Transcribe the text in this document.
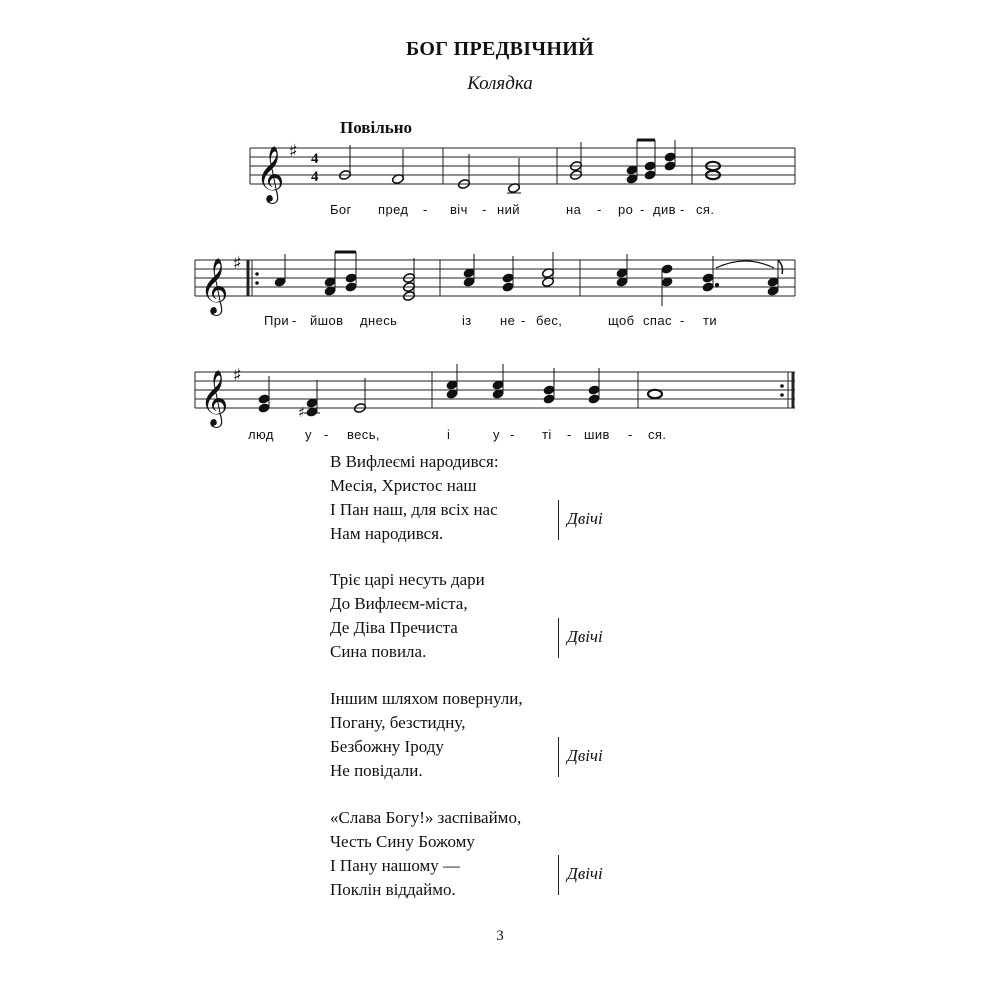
БОГ ПРЕДВІЧНИЙ
Колядка
Повільно
𝄞 ♯ 4
4
𝄞 ♯
𝄞 ♯
♯
Бог пред - віч - ний	на - ро - див - ся.
При - йшов днесь	із не - бес,	щоб спас - ти
люд у - весь,	і	у - ті - шив - ся.
В Вифлеємі народився:
Месія, Христос наш
І Пан наш, для всіх нас
Нам народився.
Двічі
Тріє царі несуть дари
До Вифлеєм-міста,
Де Діва Пречиста
Сина повила.
Двічі
Іншим шляхом повернули,
Погану, безстидну,
Безбожну Іроду
Не повідали.
Двічі
«Слава Богу!» заспіваймо,
Честь Сину Божому
І Пану нашому —
Поклін віддаймо.
Двічі
3
